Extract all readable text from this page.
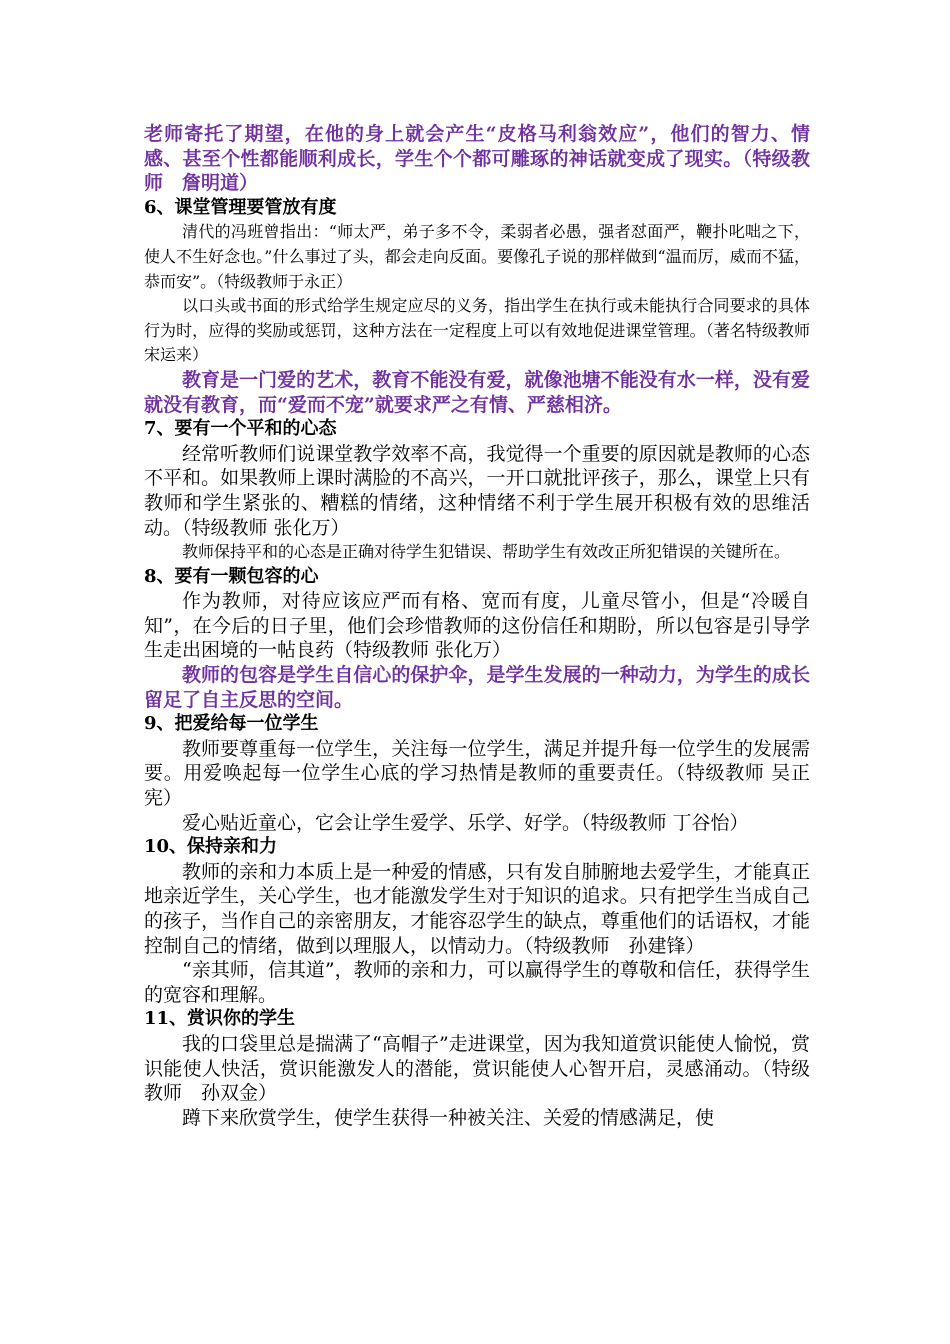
老师寄托了期望，在他的身上就会产生“皮格马利翁效应”，他们的智力、情感、甚至个性都能顺利成长，学生个个都可雕琢的神话就变成了现实。（特级教师　詹明道）

6、课堂管理要管放有度

清代的冯班曾指出：“师太严，弟子多不令，柔弱者必愚，强者怼面严，鞭扑叱咄之下，使人不生好念也。”什么事过了头，都会走向反面。要像孔子说的那样做到“温而厉，威而不猛，恭而安”。（特级教师于永正）

以口头或书面的形式给学生规定应尽的义务，指出学生在执行或未能执行合同要求的具体行为时，应得的奖励或惩罚，这种方法在一定程度上可以有效地促进课堂管理。（著名特级教师　宋运来）

教育是一门爱的艺术，教育不能没有爱，就像池塘不能没有水一样，没有爱就没有教育，而“爱而不宠”就要求严之有情、严慈相济。

7、要有一个平和的心态

经常听教师们说课堂教学效率不高，我觉得一个重要的原因就是教师的心态不平和。如果教师上课时满脸的不高兴，一开口就批评孩子，那么，课堂上只有教师和学生紧张的、糟糕的情绪，这种情绪不利于学生展开积极有效的思维活动。（特级教师 张化万）

教师保持平和的心态是正确对待学生犯错误、帮助学生有效改正所犯错误的关键所在。

8、要有一颗包容的心

作为教师，对待应该应严而有格、宽而有度，儿童尽管小，但是“冷暖自知”，在今后的日子里，他们会珍惜教师的这份信任和期盼，所以包容是引导学生走出困境的一帖良药（特级教师 张化万）

教师的包容是学生自信心的保护伞，是学生发展的一种动力，为学生的成长留足了自主反思的空间。

9、把爱给每一位学生

教师要尊重每一位学生，关注每一位学生，满足并提升每一位学生的发展需要。用爱唤起每一位学生心底的学习热情是教师的重要责任。（特级教师 吴正宪）

爱心贴近童心，它会让学生爱学、乐学、好学。（特级教师 丁谷怡）

10、保持亲和力

教师的亲和力本质上是一种爱的情感，只有发自肺腑地去爱学生，才能真正地亲近学生，关心学生，也才能激发学生对于知识的追求。只有把学生当成自己的孩子，当作自己的亲密朋友，才能容忍学生的缺点，尊重他们的话语权，才能控制自己的情绪，做到以理服人，以情动力。（特级教师　孙建锋）

“亲其师，信其道”，教师的亲和力，可以赢得学生的尊敬和信任，获得学生的宽容和理解。

11、赏识你的学生

我的口袋里总是揣满了“高帽子”走进课堂，因为我知道赏识能使人愉悦，赏识能使人快活，赏识能激发人的潜能，赏识能使人心智开启，灵感涌动。（特级教师　孙双金）

蹲下来欣赏学生，使学生获得一种被关注、关爱的情感满足，使
